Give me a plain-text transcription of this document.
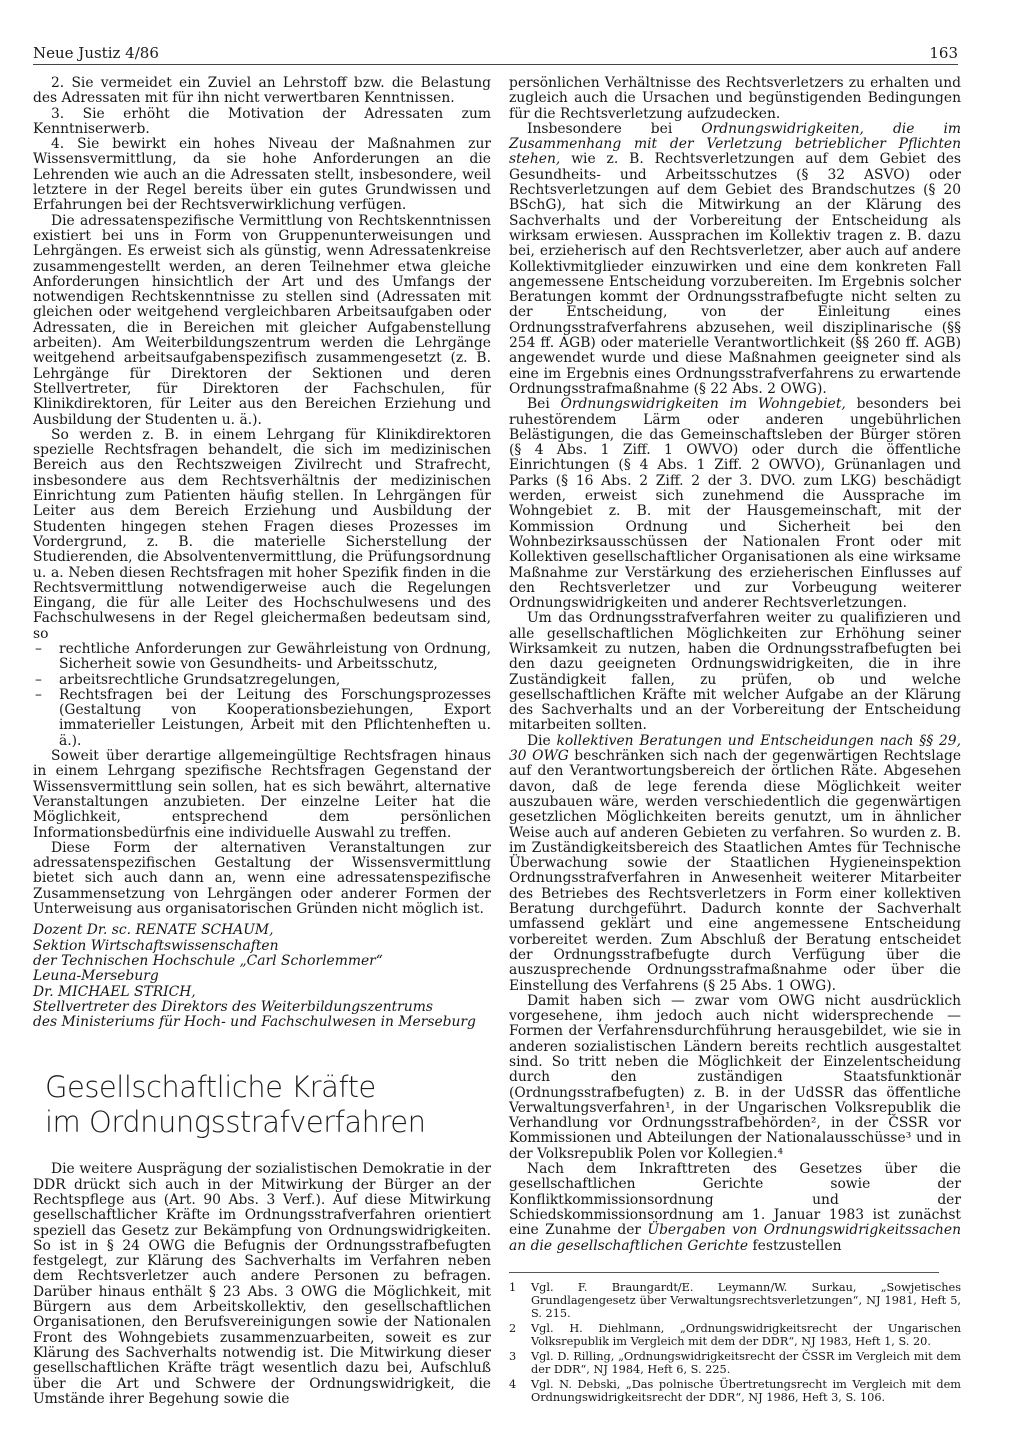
Neue Justiz 4/86	163

2. Sie vermeidet ein Zuviel an Lehrstoff bzw. die Belastung des Adressaten mit für ihn nicht verwertbaren Kenntnissen.

3. Sie erhöht die Motivation der Adressaten zum Kenntniserwerb.

4. Sie bewirkt ein hohes Niveau der Maßnahmen zur Wissensvermittlung, da sie hohe Anforderungen an die Lehrenden wie auch an die Adressaten stellt, insbesondere, weil letztere in der Regel bereits über ein gutes Grundwissen und Erfahrungen bei der Rechtsverwirklichung verfügen.

Die adressatenspezifische Vermittlung von Rechtskenntnissen existiert bei uns in Form von Gruppenunterweisungen und Lehrgängen. Es erweist sich als günstig, wenn Adressatenkreise zusammengestellt werden, an deren Teilnehmer etwa gleiche Anforderungen hinsichtlich der Art und des Umfangs der notwendigen Rechtskenntnisse zu stellen sind (Adressaten mit gleichen oder weitgehend vergleichbaren Arbeitsaufgaben oder Adressaten, die in Bereichen mit gleicher Aufgabenstellung arbeiten). Am Weiterbildungszentrum werden die Lehrgänge weitgehend arbeitsaufgabenspezifisch zusammengesetzt (z. B. Lehrgänge für Direktoren der Sektionen und deren Stellvertreter, für Direktoren der Fachschulen, für Klinikdirektoren, für Leiter aus den Bereichen Erziehung und Ausbildung der Studenten u. ä.).

So werden z. B. in einem Lehrgang für Klinikdirektoren spezielle Rechtsfragen behandelt, die sich im medizinischen Bereich aus den Rechtszweigen Zivilrecht und Strafrecht, insbesondere aus dem Rechtsverhältnis der medizinischen Einrichtung zum Patienten häufig stellen. In Lehrgängen für Leiter aus dem Bereich Erziehung und Ausbildung der Studenten hingegen stehen Fragen dieses Prozesses im Vordergrund, z. B. die materielle Sicherstellung der Studierenden, die Absolventenvermittlung, die Prüfungsordnung u. a. Neben diesen Rechtsfragen mit hoher Spezifik finden in die Rechtsvermittlung notwendigerweise auch die Regelungen Eingang, die für alle Leiter des Hochschulwesens und des Fachschulwesens in der Regel gleichermaßen bedeutsam sind, so

– rechtliche Anforderungen zur Gewährleistung von Ordnung, Sicherheit sowie von Gesundheits- und Arbeitsschutz,
– arbeitsrechtliche Grundsatzregelungen,
– Rechtsfragen bei der Leitung des Forschungsprozesses (Gestaltung von Kooperationsbeziehungen, Export immaterieller Leistungen, Arbeit mit den Pflichtenheften u. ä.).

Soweit über derartige allgemeingültige Rechtsfragen hinaus in einem Lehrgang spezifische Rechtsfragen Gegenstand der Wissensvermittlung sein sollen, hat es sich bewährt, alternative Veranstaltungen anzubieten. Der einzelne Leiter hat die Möglichkeit, entsprechend dem persönlichen Informationsbedürfnis eine individuelle Auswahl zu treffen.

Diese Form der alternativen Veranstaltungen zur adressatenspezifischen Gestaltung der Wissensvermittlung bietet sich auch dann an, wenn eine adressatenspezifische Zusammensetzung von Lehrgängen oder anderer Formen der Unterweisung aus organisatorischen Gründen nicht möglich ist.

Dozent Dr. sc. RENATE SCHAUM,

Sektion Wirtschaftswissenschaften

der Technischen Hochschule „Carl Schorlemmer“

Leuna-Merseburg

Dr. MICHAEL STRICH,

Stellvertreter des Direktors des Weiterbildungszentrums

des Ministeriums für Hoch- und Fachschulwesen in Merseburg

Gesellschaftliche Kräfte
im Ordnungsstrafverfahren

Die weitere Ausprägung der sozialistischen Demokratie in der DDR drückt sich auch in der Mitwirkung der Bürger an der Rechtspflege aus (Art. 90 Abs. 3 Verf.). Auf diese Mitwirkung gesellschaftlicher Kräfte im Ordnungsstrafverfahren orientiert speziell das Gesetz zur Bekämpfung von Ordnungswidrigkeiten. So ist in § 24 OWG die Befugnis der Ordnungsstrafbefugten festgelegt, zur Klärung des Sachverhalts im Verfahren neben dem Rechtsverletzer auch andere Personen zu befragen. Darüber hinaus enthält § 23 Abs. 3 OWG die Möglichkeit, mit Bürgern aus dem Arbeitskollektiv, den gesellschaftlichen Organisationen, den Berufsvereinigungen sowie der Nationalen Front des Wohngebiets zusammenzuarbeiten, soweit es zur Klärung des Sachverhalts notwendig ist. Die Mitwirkung dieser gesellschaftlichen Kräfte trägt wesentlich dazu bei, Aufschluß über die Art und Schwere der Ordnungswidrigkeit, die Umstände ihrer Begehung sowie die

persönlichen Verhältnisse des Rechtsverletzers zu erhalten und zugleich auch die Ursachen und begünstigenden Bedingungen für die Rechtsverletzung aufzudecken.

Insbesondere bei Ordnungswidrigkeiten, die im Zusammenhang mit der Verletzung betrieblicher Pflichten stehen, wie z. B. Rechtsverletzungen auf dem Gebiet des Gesundheits- und Arbeitsschutzes (§ 32 ASVO) oder Rechtsverletzungen auf dem Gebiet des Brandschutzes (§ 20 BSchG), hat sich die Mitwirkung an der Klärung des Sachverhalts und der Vorbereitung der Entscheidung als wirksam erwiesen. Aussprachen im Kollektiv tragen z. B. dazu bei, erzieherisch auf den Rechtsverletzer, aber auch auf andere Kollektivmitglieder einzuwirken und eine dem konkreten Fall angemessene Entscheidung vorzubereiten. Im Ergebnis solcher Beratungen kommt der Ordnungsstrafbefugte nicht selten zu der Entscheidung, von der Einleitung eines Ordnungsstrafverfahrens abzusehen, weil disziplinarische (§§ 254 ff. AGB) oder materielle Verantwortlichkeit (§§ 260 ff. AGB) angewendet wurde und diese Maßnahmen geeigneter sind als eine im Ergebnis eines Ordnungsstrafverfahrens zu erwartende Ordnungsstrafmaßnahme (§ 22 Abs. 2 OWG).

Bei Ordnungswidrigkeiten im Wohngebiet, besonders bei ruhestörendem Lärm oder anderen ungebührlichen Belästigungen, die das Gemeinschaftsleben der Bürger stören (§ 4 Abs. 1 Ziff. 1 OWVO) oder durch die öffentliche Einrichtungen (§ 4 Abs. 1 Ziff. 2 OWVO), Grünanlagen und Parks (§ 16 Abs. 2 Ziff. 2 der 3. DVO. zum LKG) beschädigt werden, erweist sich zunehmend die Aussprache im Wohngebiet z. B. mit der Hausgemeinschaft, mit der Kommission Ordnung und Sicherheit bei den Wohnbezirksausschüssen der Nationalen Front oder mit Kollektiven gesellschaftlicher Organisationen als eine wirksame Maßnahme zur Verstärkung des erzieherischen Einflusses auf den Rechtsverletzer und zur Vorbeugung weiterer Ordnungswidrigkeiten und anderer Rechtsverletzungen.

Um das Ordnungsstrafverfahren weiter zu qualifizieren und alle gesellschaftlichen Möglichkeiten zur Erhöhung seiner Wirksamkeit zu nutzen, haben die Ordnungsstrafbefugten bei den dazu geeigneten Ordnungswidrigkeiten, die in ihre Zuständigkeit fallen, zu prüfen, ob und welche gesellschaftlichen Kräfte mit welcher Aufgabe an der Klärung des Sachverhalts und an der Vorbereitung der Entscheidung mitarbeiten sollten.

Die kollektiven Beratungen und Entscheidungen nach §§ 29, 30 OWG beschränken sich nach der gegenwärtigen Rechtslage auf den Verantwortungsbereich der örtlichen Räte. Abgesehen davon, daß de lege ferenda diese Möglichkeit weiter auszubauen wäre, werden verschiedentlich die gegenwärtigen gesetzlichen Möglichkeiten bereits genutzt, um in ähnlicher Weise auch auf anderen Gebieten zu verfahren. So wurden z. B. im Zuständigkeitsbereich des Staatlichen Amtes für Technische Überwachung sowie der Staatlichen Hygieneinspektion Ordnungsstrafverfahren in Anwesenheit weiterer Mitarbeiter des Betriebes des Rechtsverletzers in Form einer kollektiven Beratung durchgeführt. Dadurch konnte der Sachverhalt umfassend geklärt und eine angemessene Entscheidung vorbereitet werden. Zum Abschluß der Beratung entscheidet der Ordnungsstrafbefugte durch Verfügung über die auszusprechende Ordnungsstrafmaßnahme oder über die Einstellung des Verfahrens (§ 25 Abs. 1 OWG).

Damit haben sich — zwar vom OWG nicht ausdrücklich vorgesehene, ihm jedoch auch nicht widersprechende — Formen der Verfahrensdurchführung herausgebildet, wie sie in anderen sozialistischen Ländern bereits rechtlich ausgestaltet sind. So tritt neben die Möglichkeit der Einzelentscheidung durch den zuständigen Staatsfunktionär (Ordnungsstrafbefugten) z. B. in der UdSSR das öffentliche Verwaltungsverfahren¹, in der Ungarischen Volksrepublik die Verhandlung vor Ordnungsstrafbehörden², in der ČSSR vor Kommissionen und Abteilungen der Nationalausschüsse³ und in der Volksrepublik Polen vor Kollegien.⁴

Nach dem Inkrafttreten des Gesetzes über die gesellschaftlichen Gerichte sowie der Konfliktkommissionsordnung und der Schiedskommissionsordnung am 1. Januar 1983 ist zunächst eine Zunahme der Übergaben von Ordnungswidrigkeitssachen an die gesellschaftlichen Gerichte festzustellen

1	Vgl. F. Braungardt/E. Leymann/W. Surkau, „Sowjetisches Grundlagengesetz über Verwaltungsrechtsverletzungen“, NJ 1981, Heft 5, S. 215.
2	Vgl. H. Diehlmann, „Ordnungswidrigkeitsrecht der Ungarischen Volksrepublik im Vergleich mit dem der DDR“, NJ 1983, Heft 1, S. 20.
3	Vgl. D. Rilling, „Ordnungswidrigkeitsrecht der ČSSR im Vergleich mit dem der DDR“, NJ 1984, Heft 6, S. 225.
4	Vgl. N. Debski, „Das polnische Übertretungsrecht im Vergleich mit dem Ordnungswidrigkeitsrecht der DDR“, NJ 1986, Heft 3, S. 106.
